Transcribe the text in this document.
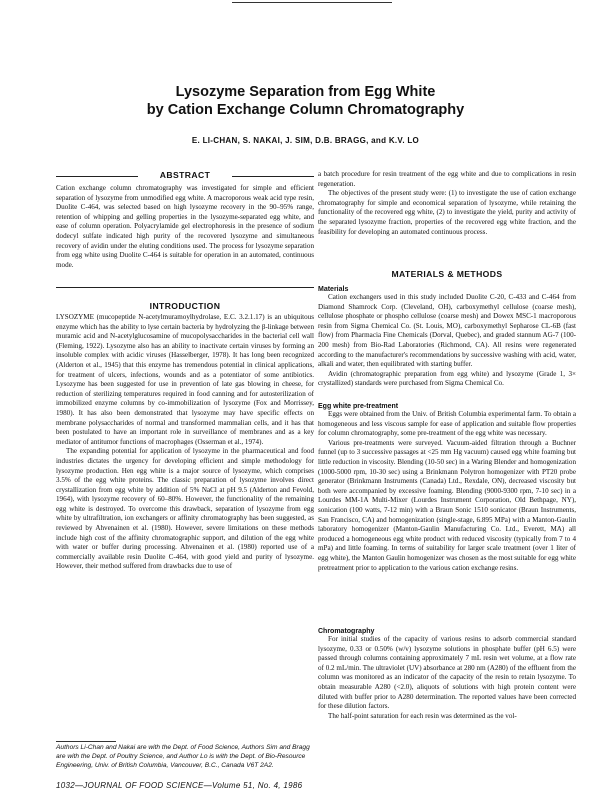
Lysozyme Separation from Egg White
by Cation Exchange Column Chromatography
E. LI-CHAN, S. NAKAI, J. SIM, D.B. BRAGG, and K.V. LO
ABSTRACT

Cation exchange column chromatography was investigated for simple and efficient separation of lysozyme from unmodified egg white. A macroporous weak acid type resin, Duolite C-464, was selected based on high lysozyme recovery in the 90–95% range, retention of whipping and gelling properties in the lysozyme-separated egg white, and ease of column operation. Polyacrylamide gel electrophoresis in the presence of sodium dodecyl sulfate indicated high purity of the recovered lysozyme and simultaneous recovery of avidin under the eluting conditions used. The process for lysozyme separation from egg white using Duolite C-464 is suitable for operation in an automated, continuous mode.

INTRODUCTION

LYSOZYME (mucopeptide N-acetylmuramoylhydrolase, E.C. 3.2.1.17) is an ubiquitous enzyme which has the ability to lyse certain bacteria by hydrolyzing the β-linkage between muramic acid and N-acetylglucosamine of mucopolysaccharides in the bacterial cell wall (Fleming, 1922). Lysozyme also has an ability to inactivate certain viruses by forming an insoluble complex with acidic viruses (Hasselberger, 1978). It has long been recognized (Alderton et al., 1945) that this enzyme has tremendous potential in clinical applications, for treatment of ulcers, infections, wounds and as a potentiator of some antibiotics. Lysozyme has been suggested for use in prevention of late gas blowing in cheese, for reduction of sterilizing temperatures required in food canning and for autosterilization of immobilized enzyme columns by co-immobilization of lysozyme (Fox and Morrissey, 1980). It has also been demonstrated that lysozyme may have specific effects on membrane polysaccharides of normal and transformed mammalian cells, and it has that been postulated to have an important role in surveillance of membranes and as a key mediator of antitumor functions of macrophages (Osserman et al., 1974).

The expanding potential for application of lysozyme in the pharmaceutical and food industries dictates the urgency for developing efficient and simple methodology for lysozyme production. Hen egg white is a major source of lysozyme, which comprises 3.5% of the egg white proteins. The classic preparation of lysozyme involves direct crystallization from egg white by addition of 5% NaCl at pH 9.5 (Alderton and Fevold, 1964), with lysozyme recovery of 60–80%. However, the functionality of the remaining egg white is destroyed. To overcome this drawback, separation of lysozyme from egg white by ultrafiltration, ion exchangers or affinity chromatography has been suggested, as reviewed by Ahvenainen et al. (1980). However, severe limitations on these methods include high cost of the affinity chromatographic support, and dilution of the egg white with water or buffer during processing. Ahvenainen et al. (1980) reported use of a commercially available resin Duolite C-464, with good yield and purity of lysozyme. However, their method suffered from drawbacks due to use of

Authors Li-Chan and Nakai are with the Dept. of Food Science, Authors Sim and Bragg are with the Dept. of Poultry Science, and Author Lo is with the Dept. of Bio-Resource Engineering, Univ. of British Columbia, Vancouver, B.C., Canada V6T 2A2.
1032—JOURNAL OF FOOD SCIENCE—Volume 51, No. 4, 1986

a batch procedure for resin treatment of the egg white and due to complications in resin regeneration.

The objectives of the present study were: (1) to investigate the use of cation exchange chromatography for simple and economical separation of lysozyme, while retaining the functionality of the recovered egg white, (2) to investigate the yield, purity and activity of the separated lysozyme fraction, properties of the recovered egg white fraction, and the feasibility for developing an automated continuous process.

MATERIALS & METHODS
Materials

Cation exchangers used in this study included Duolite C-20, C-433 and C-464 from Diamond Shamrock Corp. (Cleveland, OH), carboxymethyl cellulose (coarse mesh), cellulose phosphate or phospho cellulose (coarse mesh) and Dowex MSC-1 macroporous resin from Sigma Chemical Co. (St. Louis, MO), carboxymethyl Sepharose CL-6B (fast flow) from Pharmacia Fine Chemicals (Dorval, Quebec), and graded stannum AG-7 (100-200 mesh) from Bio-Rad Laboratories (Richmond, CA). All resins were regenerated according to the manufacturer's recommendations by successive washing with acid, water, alkali and water, then equilibrated with starting buffer.

Avidin (chromatographic preparation from egg white) and lysozyme (Grade 1, 3× crystallized) standards were purchased from Sigma Chemical Co.

Egg white pre-treatment

Eggs were obtained from the Univ. of British Columbia experimental farm. To obtain a homogeneous and less viscous sample for ease of application and suitable flow properties for column chromatography, some pre-treatment of the egg white was necessary.

Various pre-treatments were surveyed. Vacuum-aided filtration through a Buchner funnel (up to 3 successive passages at <25 mm Hg vacuum) caused egg white foaming but little reduction in viscosity. Blending (10-50 sec) in a Waring Blender and homogenization (1000-5000 rpm, 10-30 sec) using a Brinkmann Polytron homogenizer with PT20 probe generator (Brinkmann Instruments (Canada) Ltd., Rexdale, ON), decreased viscosity but both were accompanied by excessive foaming. Blending (9000-9300 rpm, 7-10 sec) in a Lourdes MM-1A Multi-Mixer (Lourdes Instrument Corporation, Old Bethpage, NY), sonication (100 watts, 7-12 min) with a Braun Sonic 1510 sonicator (Braun Instruments, San Francisco, CA) and homogenization (single-stage, 6.895 MPa) with a Manton-Gaulin laboratory homogenizer (Manton-Gaulin Manufacturing Co. Ltd., Everett, MA) all produced a homogeneous egg white product with reduced viscosity (typically from 7 to 4 mPa) and little foaming. In terms of suitability for larger scale treatment (over 1 liter of egg white), the Manton Gaulin homogenizer was chosen as the most suitable for egg white pretreatment prior to application to the various cation exchange resins.

Chromatography

For initial studies of the capacity of various resins to adsorb commercial standard lysozyme, 0.33 or 0.50% (w/v) lysozyme solutions in phosphate buffer (pH 6.5) were passed through columns containing approximately 7 mL resin wet volume, at a flow rate of 0.2 mL/min. The ultraviolet (UV) absorbance at 280 nm (A280) of the effluent from the column was monitored as an indicator of the capacity of the resin to retain lysozyme. To obtain measurable A280 (<2.0), aliquots of solutions with high protein content were diluted with buffer prior to A280 determination. The reported values have been corrected for these dilution factors.

The half-point saturation for each resin was determined as the vol-
